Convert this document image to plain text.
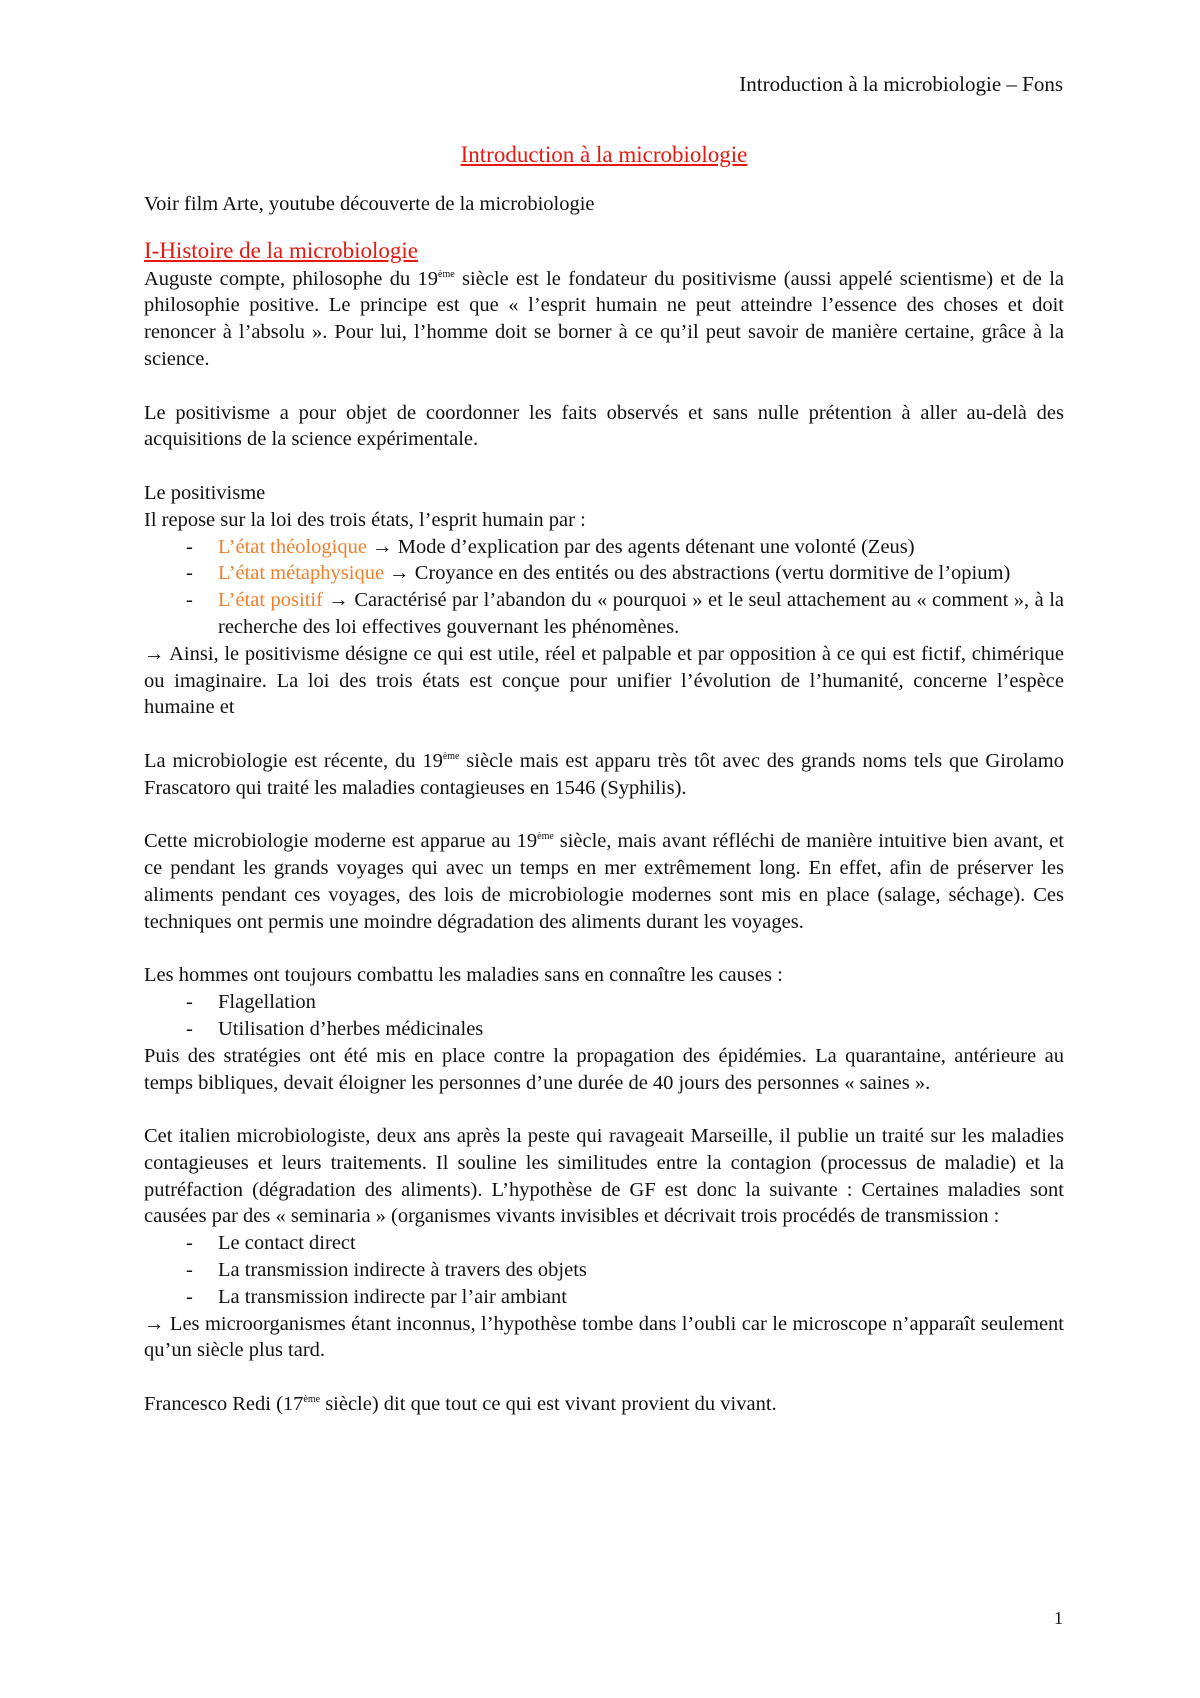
Introduction à la microbiologie – Fons

Introduction à la microbiologie

Voir film Arte, youtube découverte de la microbiologie

I-Histoire de la microbiologie

Auguste compte, philosophe du 19ème siècle est le fondateur du positivisme (aussi appelé scientisme) et de la philosophie positive. Le principe est que « l’esprit humain ne peut atteindre l’essence des choses et doit renoncer à l’absolu ». Pour lui, l’homme doit se borner à ce qu’il peut savoir de manière certaine, grâce à la science.

Le positivisme a pour objet de coordonner les faits observés et sans nulle prétention à aller au-delà des acquisitions de la science expérimentale.

Le positivisme

Il repose sur la loi des trois états, l’esprit humain par :

- L’état théologique → Mode d’explication par des agents détenant une volonté (Zeus)
- L’état métaphysique → Croyance en des entités ou des abstractions (vertu dormitive de l’opium)
- L’état positif → Caractérisé par l’abandon du « pourquoi » et le seul attachement au « comment », à la recherche des loi effectives gouvernant les phénomènes.

→ Ainsi, le positivisme désigne ce qui est utile, réel et palpable et par opposition à ce qui est fictif, chimérique ou imaginaire. La loi des trois états est conçue pour unifier l’évolution de l’humanité, concerne l’espèce humaine et

La microbiologie est récente, du 19ème siècle mais est apparu très tôt avec des grands noms tels que Girolamo Frascatoro qui traité les maladies contagieuses en 1546 (Syphilis).

Cette microbiologie moderne est apparue au 19ème siècle, mais avant réfléchi de manière intuitive bien avant, et ce pendant les grands voyages qui avec un temps en mer extrêmement long. En effet, afin de préserver les aliments pendant ces voyages, des lois de microbiologie modernes sont mis en place (salage, séchage). Ces techniques ont permis une moindre dégradation des aliments durant les voyages.

Les hommes ont toujours combattu les maladies sans en connaître les causes :

- Flagellation
- Utilisation d’herbes médicinales

Puis des stratégies ont été mis en place contre la propagation des épidémies. La quarantaine, antérieure au temps bibliques, devait éloigner les personnes d’une durée de 40 jours des personnes « saines ».

Cet italien microbiologiste, deux ans après la peste qui ravageait Marseille, il publie un traité sur les maladies contagieuses et leurs traitements. Il souline les similitudes entre la contagion (processus de maladie) et la putréfaction (dégradation des aliments). L’hypothèse de GF est donc la suivante : Certaines maladies sont causées par des « seminaria » (organismes vivants invisibles et décrivait trois procédés de transmission :

- Le contact direct
- La transmission indirecte à travers des objets
- La transmission indirecte par l’air ambiant

→ Les microorganismes étant inconnus, l’hypothèse tombe dans l’oubli car le microscope n’apparaît seulement qu’un siècle plus tard.

Francesco Redi (17ème siècle) dit que tout ce qui est vivant provient du vivant.

1
